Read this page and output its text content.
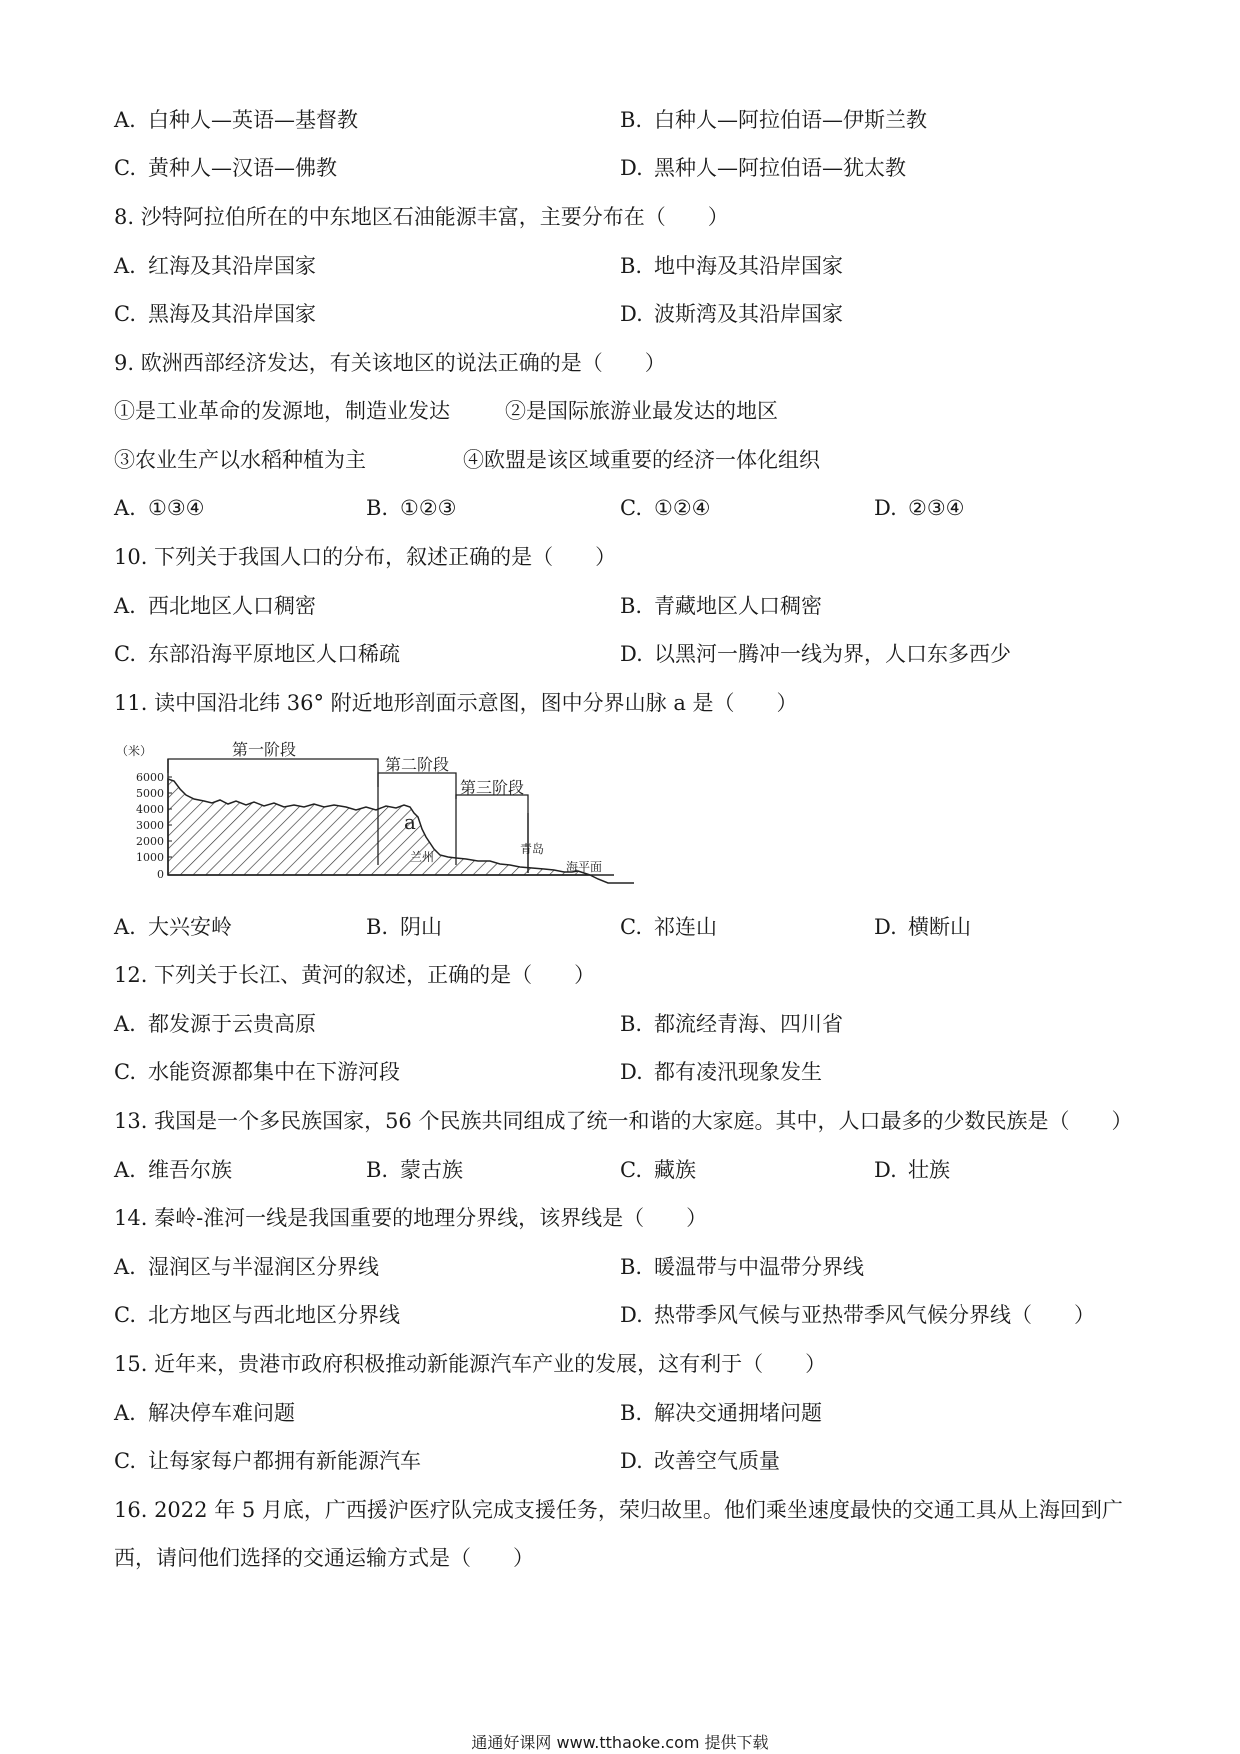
A. 白种人—英语—基督教	B. 白种人—阿拉伯语—伊斯兰教
C. 黄种人—汉语—佛教	D. 黑种人—阿拉伯语—犹太教
8. 沙特阿拉伯所在的中东地区石油能源丰富，主要分布在（　　）
A. 红海及其沿岸国家	B. 地中海及其沿岸国家
C. 黑海及其沿岸国家	D. 波斯湾及其沿岸国家
9. 欧洲西部经济发达，有关该地区的说法正确的是（　　）
①是工业革命的发源地，制造业发达	②是国际旅游业最发达的地区
③农业生产以水稻种植为主	④欧盟是该区域重要的经济一体化组织
A. ①③④	B. ①②③	C. ①②④	D. ②③④
10. 下列关于我国人口的分布，叙述正确的是（　　）
A. 西北地区人口稠密	B. 青藏地区人口稠密
C. 东部沿海平原地区人口稀疏	D. 以黑河一腾冲一线为界，人口东多西少
11. 读中国沿北纬 36° 附近地形剖面示意图，图中分界山脉 a 是（　　）
（米）
6000
5000
4000
3000
2000
1000
0
第一阶段
第二阶段
第三阶段
a
兰州
青岛
海平面
A. 大兴安岭	B. 阴山	C. 祁连山	D. 横断山
12. 下列关于长江、黄河的叙述，正确的是（　　）
A. 都发源于云贵高原	B. 都流经青海、四川省
C. 水能资源都集中在下游河段	D. 都有凌汛现象发生
13. 我国是一个多民族国家，56 个民族共同组成了统一和谐的大家庭。其中，人口最多的少数民族是（　　）
A. 维吾尔族	B. 蒙古族	C. 藏族	D. 壮族
14. 秦岭-淮河一线是我国重要的地理分界线，该界线是（　　）
A. 湿润区与半湿润区分界线	B. 暖温带与中温带分界线
C. 北方地区与西北地区分界线	D. 热带季风气候与亚热带季风气候分界线（　　）
15. 近年来，贵港市政府积极推动新能源汽车产业的发展，这有利于（　　）
A. 解决停车难问题	B. 解决交通拥堵问题
C. 让每家每户都拥有新能源汽车	D. 改善空气质量
16. 2022 年 5 月底，广西援沪医疗队完成支援任务，荣归故里。他们乘坐速度最快的交通工具从上海回到广
西，请问他们选择的交通运输方式是（　　）
通通好课网 www.tthaoke.com 提供下载
